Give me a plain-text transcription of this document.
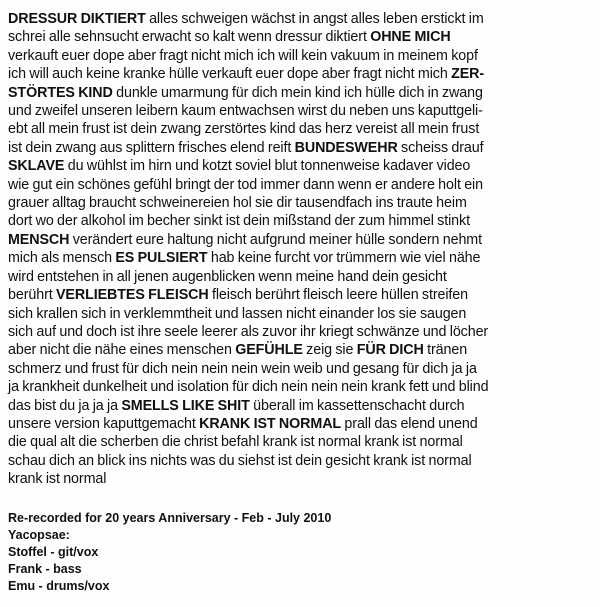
DRESSUR DIKTIERT alles schweigen wächst in angst alles leben erstickt im
schrei alle sehnsucht erwacht so kalt wenn dressur diktiert OHNE MICH
verkauft euer dope aber fragt nicht mich ich will kein vakuum in meinem kopf
ich will auch keine kranke hülle verkauft euer dope aber fragt nicht mich ZER-
STÖRTES KIND dunkle umarmung für dich mein kind ich hülle dich in zwang
und zweifel unseren leibern kaum entwachsen wirst du neben uns kaputtgeli-
ebt all mein frust ist dein zwang zerstörtes kind das herz vereist all mein frust
ist dein zwang aus splittern frisches elend reift BUNDESWEHR scheiss drauf
SKLAVE du wühlst im hirn und kotzt soviel blut tonnenweise kadaver video
wie gut ein schönes gefühl bringt der tod immer dann wenn er andere holt ein
grauer alltag braucht schweinereien hol sie dir tausendfach ins traute heim
dort wo der alkohol im becher sinkt ist dein mißstand der zum himmel stinkt
MENSCH verändert eure haltung nicht aufgrund meiner hülle sondern nehmt
mich als mensch ES PULSIERT hab keine furcht vor trümmern wie viel nähe
wird entstehen in all jenen augenblicken wenn meine hand dein gesicht
berührt VERLIEBTES FLEISCH fleisch berührt fleisch leere hüllen streifen
sich krallen sich in verklemmtheit und lassen nicht einander los sie saugen
sich auf und doch ist ihre seele leerer als zuvor ihr kriegt schwänze und löcher
aber nicht die nähe eines menschen GEFÜHLE zeig sie FÜR DICH tränen
schmerz und frust für dich nein nein nein wein weib und gesang für dich ja ja
ja krankheit dunkelheit und isolation für dich nein nein nein krank fett und blind
das bist du ja ja ja SMELLS LIKE SHIT überall im kassettenschacht durch
unsere version kaputtgemacht KRANK IST NORMAL prall das elend unend
die qual alt die scherben die christ befahl krank ist normal krank ist normal
schau dich an blick ins nichts was du siehst ist dein gesicht krank ist normal
krank ist normal
Re-recorded for 20 years Anniversary - Feb - July 2010
Yacopsae:
Stoffel - git/vox
Frank - bass
Emu - drums/vox
